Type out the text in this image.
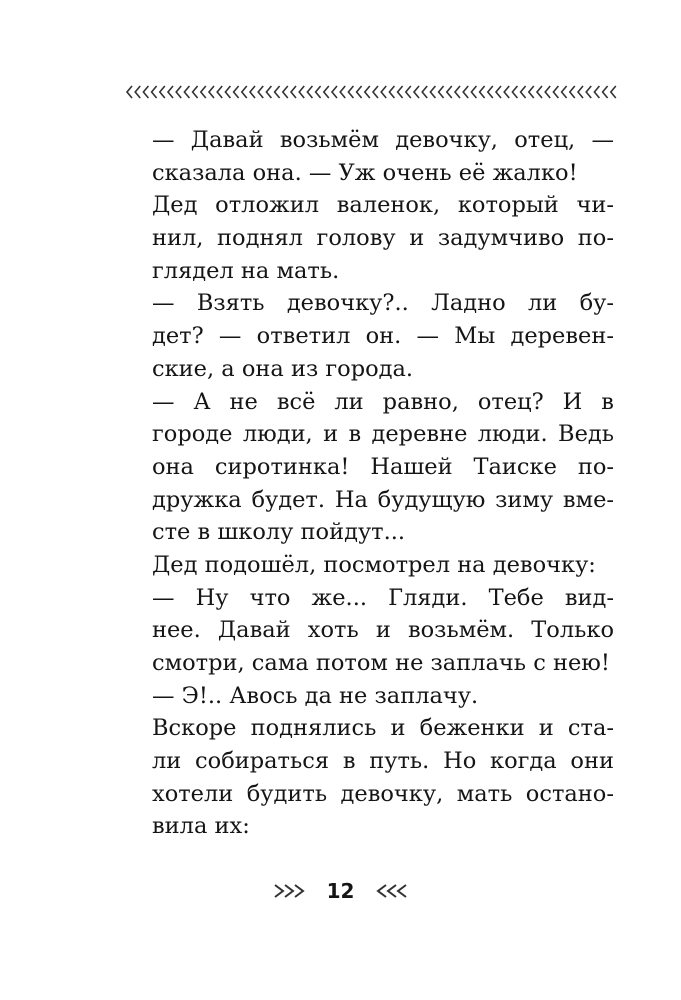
— Давай возьмём девочку, отец, —
сказала она. — Уж очень её жалко!
Дед отложил валенок, который чи-
нил, поднял голову и задумчиво по-
глядел на мать.
— Взять девочку?.. Ладно ли бу-
дет? — ответил он. — Мы деревен-
ские, а она из города.
— А не всё ли равно, отец? И в
городе люди, и в деревне люди. Ведь
она сиротинка! Нашей Таиске по-
дружка будет. На будущую зиму вме-
сте в школу пойдут...
Дед подошёл, посмотрел на девочку:
— Ну что же... Гляди. Тебе вид-
нее. Давай хоть и возьмём. Только
смотри, сама потом не заплачь с нею!
— Э!.. Авось да не заплачу.
Вскоре поднялись и беженки и ста-
ли собираться в путь. Но когда они
хотели будить девочку, мать остано-
вила их:
12
